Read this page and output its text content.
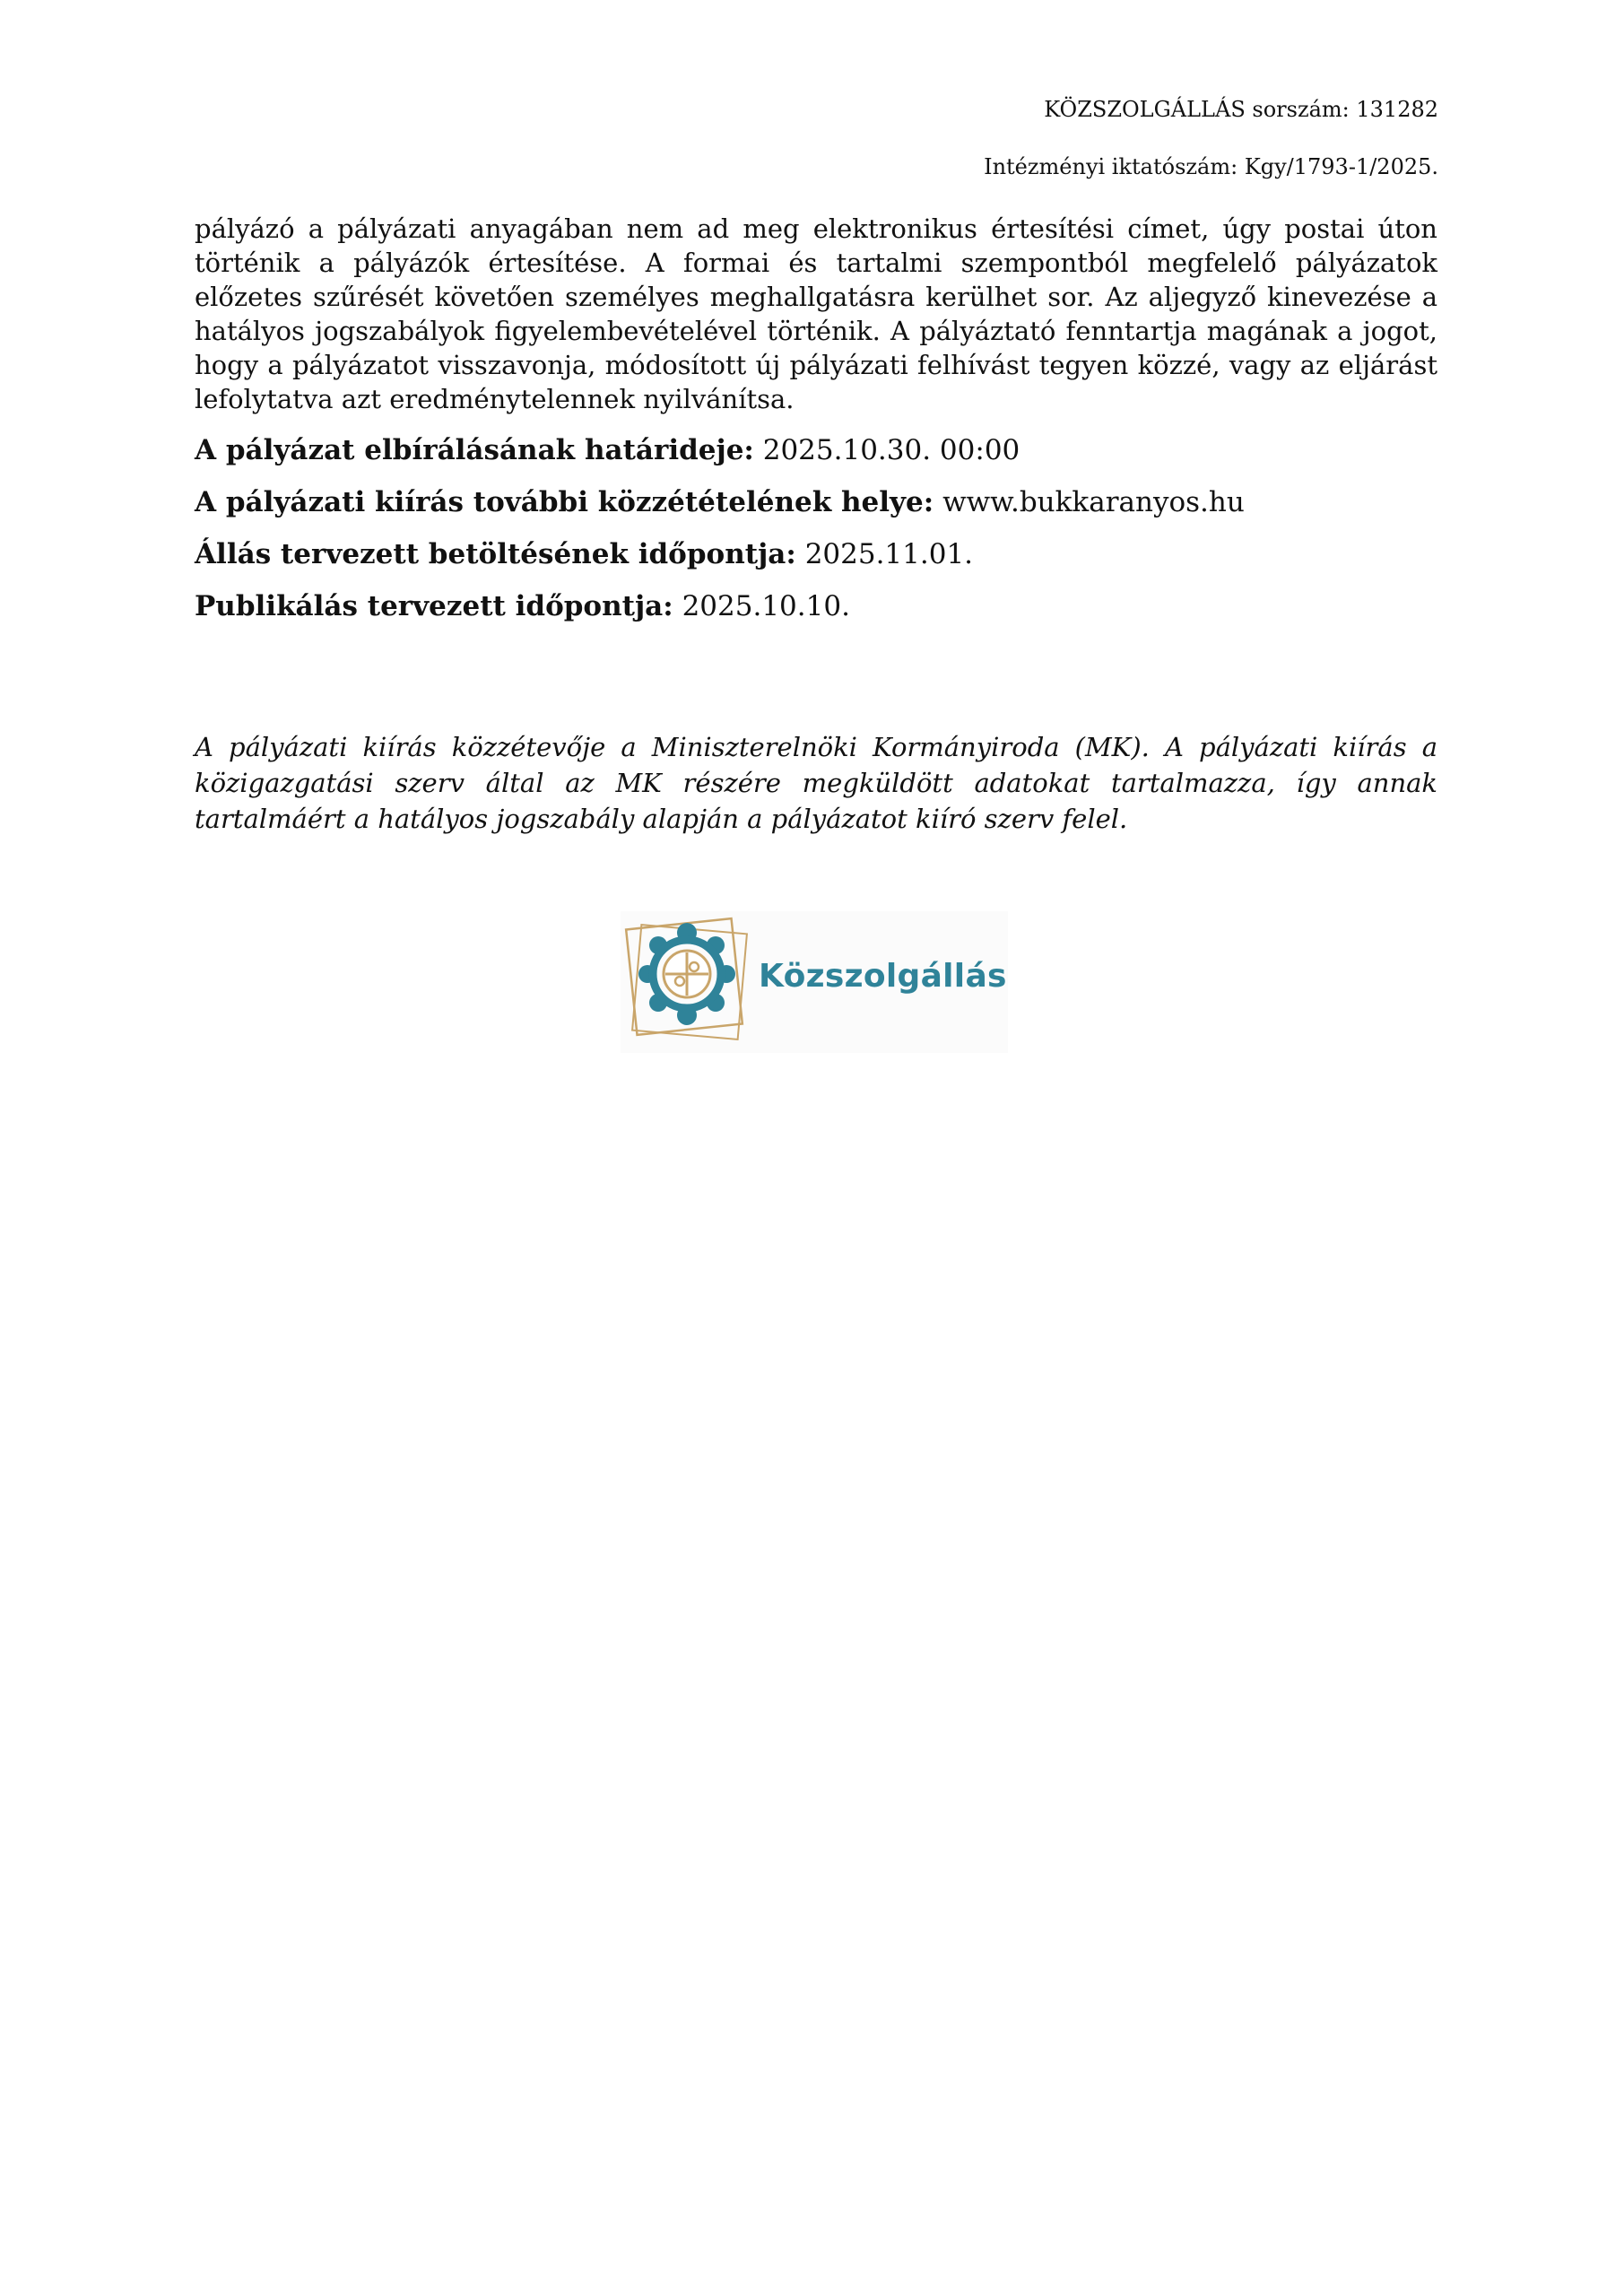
KÖZSZOLGÁLLÁS sorszám: 131282
Intézményi iktatószám: Kgy/1793-1/2025.

pályázó a pályázati anyagában nem ad meg elektronikus értesítési címet, úgy postai úton történik a pályázók értesítése. A formai és tartalmi szempontból megfelelő pályázatok előzetes szűrését követően személyes meghallgatásra kerülhet sor. Az aljegyző kinevezése a hatályos jogszabályok figyelembevételével történik. A pályáztató fenntartja magának a jogot, hogy a pályázatot visszavonja, módosított új pályázati felhívást tegyen közzé, vagy az eljárást lefolytatva azt eredménytelennek nyilvánítsa.

A pályázat elbírálásának határideje: 2025.10.30. 00:00
A pályázati kiírás további közzétételének helye: www.bukkaranyos.hu
Állás tervezett betöltésének időpontja: 2025.11.01.
Publikálás tervezett időpontja: 2025.10.10.

A pályázati kiírás közzétevője a Miniszterelnöki Kormányiroda (MK). A pályázati kiírás a közigazgatási szerv által az MK részére megküldött adatokat tartalmazza, így annak tartalmáért a hatályos jogszabály alapján a pályázatot kiíró szerv felel.

Közszolgállás
